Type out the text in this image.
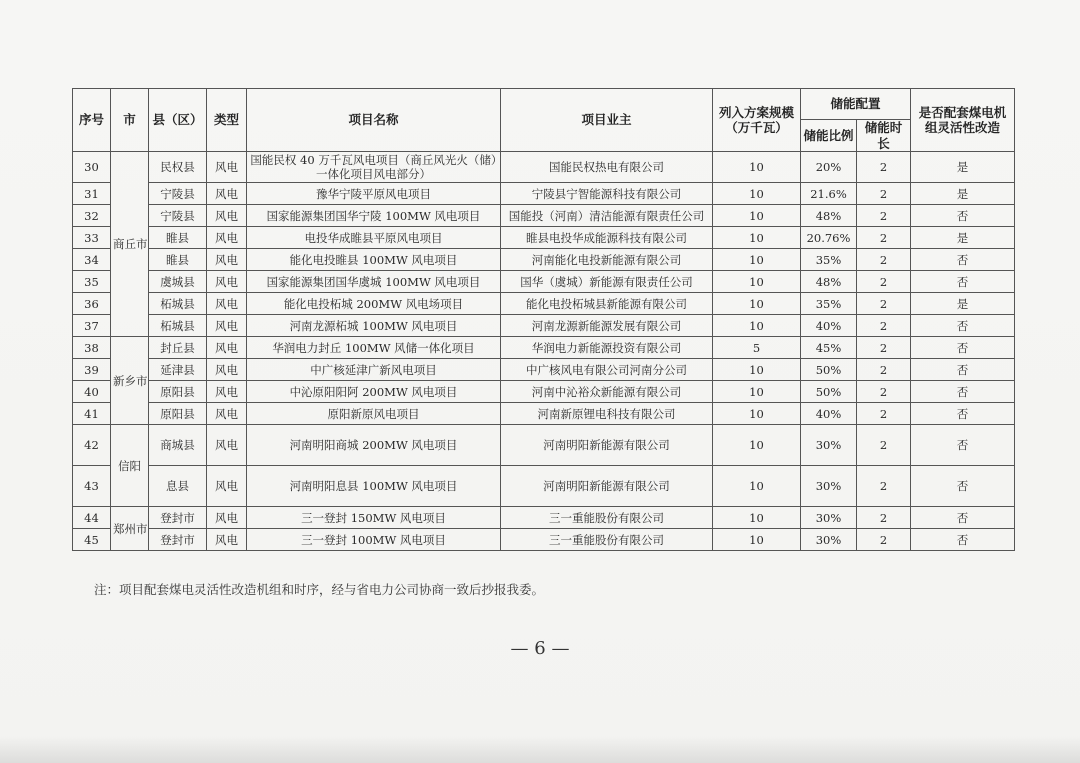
序号	市	县（区）	类型	项目名称	项目业主	列入方案规模（万千瓦）	储能配置		是否配套煤电机组灵活性改造
							储能比例	储能时长	
30	商丘市	民权县	风电	国能民权 40 万千瓦风电项目（商丘风光火（储）一体化项目风电部分）	国能民权热电有限公司	10	20%	2	是
31		宁陵县	风电	豫华宁陵平原风电项目	宁陵县宁智能源科技有限公司	10	21.6%	2	是
32		宁陵县	风电	国家能源集团国华宁陵 100MW 风电项目	国能投（河南）清洁能源有限责任公司	10	48%	2	否
33		睢县	风电	电投华成睢县平原风电项目	睢县电投华成能源科技有限公司	10	20.76%	2	是
34		睢县	风电	能化电投睢县 100MW 风电项目	河南能化电投新能源有限公司	10	35%	2	否
35		虞城县	风电	国家能源集团国华虞城 100MW 风电项目	国华（虞城）新能源有限责任公司	10	48%	2	否
36		柘城县	风电	能化电投柘城 200MW 风电场项目	能化电投柘城县新能源有限公司	10	35%	2	是
37		柘城县	风电	河南龙源柘城 100MW 风电项目	河南龙源新能源发展有限公司	10	40%	2	否
38	新乡市	封丘县	风电	华润电力封丘 100MW 风储一体化项目	华润电力新能源投资有限公司	5	45%	2	否
39		延津县	风电	中广核延津广新风电项目	中广核风电有限公司河南分公司	10	50%	2	否
40		原阳县	风电	中沁原阳阳阿 200MW 风电项目	河南中沁裕众新能源有限公司	10	50%	2	否
41		原阳县	风电	原阳新原风电项目	河南新原锂电科技有限公司	10	40%	2	否
42	信阳	商城县	风电	河南明阳商城 200MW 风电项目	河南明阳新能源有限公司	10	30%	2	否
43		息县	风电	河南明阳息县 100MW 风电项目	河南明阳新能源有限公司	10	30%	2	否
44	郑州市	登封市	风电	三一登封 150MW 风电项目	三一重能股份有限公司	10	30%	2	否
45		登封市	风电	三一登封 100MW 风电项目	三一重能股份有限公司	10	30%	2	否
注：项目配套煤电灵活性改造机组和时序，经与省电力公司协商一致后抄报我委。
— 6 —
